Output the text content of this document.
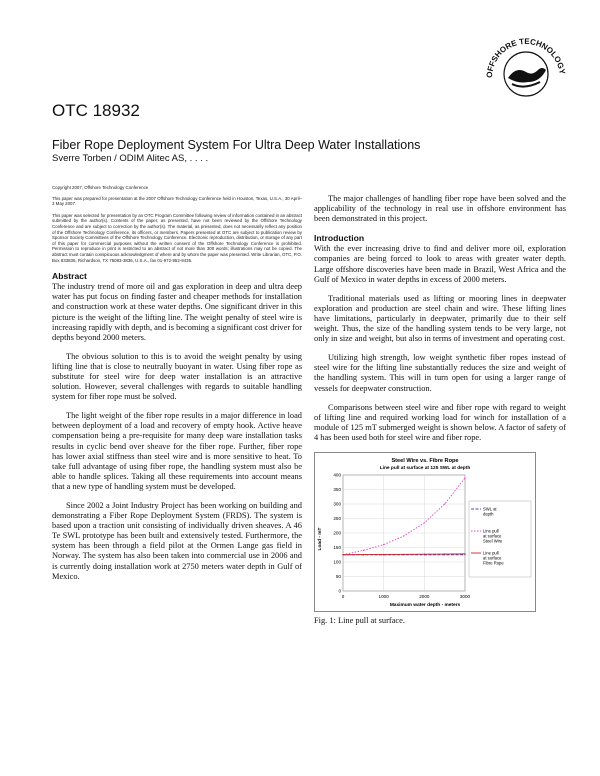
OFFSHORE TECHNOLOGY
OTC 18932
Fiber Rope Deployment System For Ultra Deep Water Installations
Sverre Torben / ODIM Alitec AS, . . . .
Copyright 2007, Offshore Technology Conference
This paper was prepared for presentation at the 2007 Offshore Technology Conference held in Houston, Texas, U.S.A., 30 April–3 May 2007.
This paper was selected for presentation by an OTC Program Committee following review of information contained in an abstract submitted by the author(s). Contents of the paper, as presented, have not been reviewed by the Offshore Technology Conference and are subject to correction by the author(s). The material, as presented, does not necessarily reflect any position of the Offshore Technology Conference, its officers, or members. Papers presented at OTC are subject to publication review by Sponsor Society Committees of the Offshore Technology Conference. Electronic reproduction, distribution, or storage of any part of this paper for commercial purposes without the written consent of the Offshore Technology Conference is prohibited. Permission to reproduce in print is restricted to an abstract of not more than 300 words; illustrations may not be copied. The abstract must contain conspicuous acknowledgment of where and by whom the paper was presented. Write Librarian, OTC, P.O. Box 833836, Richardson, TX 75083-3836, U.S.A., fax 01-972-952-9435.
Abstract

The industry trend of more oil and gas exploration in deep and ultra deep water has put focus on finding faster and cheaper methods for installation and construction work at these water depths. One significant driver in this picture is the weight of the lifting line. The weight penalty of steel wire is increasing rapidly with depth, and is becoming a significant cost driver for depths beyond 2000 meters.

The obvious solution to this is to avoid the weight penalty by using lifting line that is close to neutrally buoyant in water. Using fiber rope as substitute for steel wire for deep water installation is an attractive solution. However, several challenges with regards to suitable handling system for fiber rope must be solved.

The light weight of the fiber rope results in a major difference in load between deployment of a load and recovery of empty hook. Active heave compensation being a pre-requisite for many deep ware installation tasks results in cyclic bend over sheave for the fiber rope. Further, fiber rope has lower axial stiffness than steel wire and is more sensitive to heat. To take full advantage of using fiber rope, the handling system must also be able to handle splices. Taking all these requirements into account means that a new type of handling system must be developed.

Since 2002 a Joint Industry Project has been working on building and demonstrating a Fiber Rope Deployment System (FRDS). The system is based upon a traction unit consisting of individually driven sheaves. A 46 Te SWL prototype has been built and extensively tested. Furthermore, the system has been through a field pilot at the Ormen Lange gas field in Norway. The system has also been taken into commercial use in 2006 and is currently doing installation work at 2750 meters water depth in Gulf of Mexico.

The major challenges of handling fiber rope have been solved and the applicability of the technology in real use in offshore environment has been demonstrated in this project.

Introduction

With the ever increasing drive to find and deliver more oil, exploration companies are being forced to look to areas with greater water depth. Large offshore discoveries have been made in Brazil, West Africa and the Gulf of Mexico in water depths in excess of 2000 meters.

Traditional materials used as lifting or mooring lines in deepwater exploration and production are steel chain and wire. These lifting lines have limitations, particularly in deepwater, primarily due to their self weight. Thus, the size of the handling system tends to be very large, not only in size and weight, but also in terms of investment and operating cost.

Utilizing high strength, low weight synthetic fiber ropes instead of steel wire for the lifting line substantially reduces the size and weight of the handling system. This will in turn open for using a larger range of vessels for deepwater construction.

Comparisons between steel wire and fiber rope with regard to weight of lifting line and required working load for winch for installation of a module of 125 mT submerged weight is shown below. A factor of safety of 4 has been used both for steel wire and fiber rope.

Steel Wire vs. Fibre Rope
Line pull at surface at 125 SWL at depth
0
50
100
150
200
250
300
350
400
0	1000	2000	3000
SWL at depth
Line pull at surface Steel Wire
Line pull at surface Fibre Rope
Maximum water depth - meters
Load - mT
Fig. 1: Line pull at surface.
